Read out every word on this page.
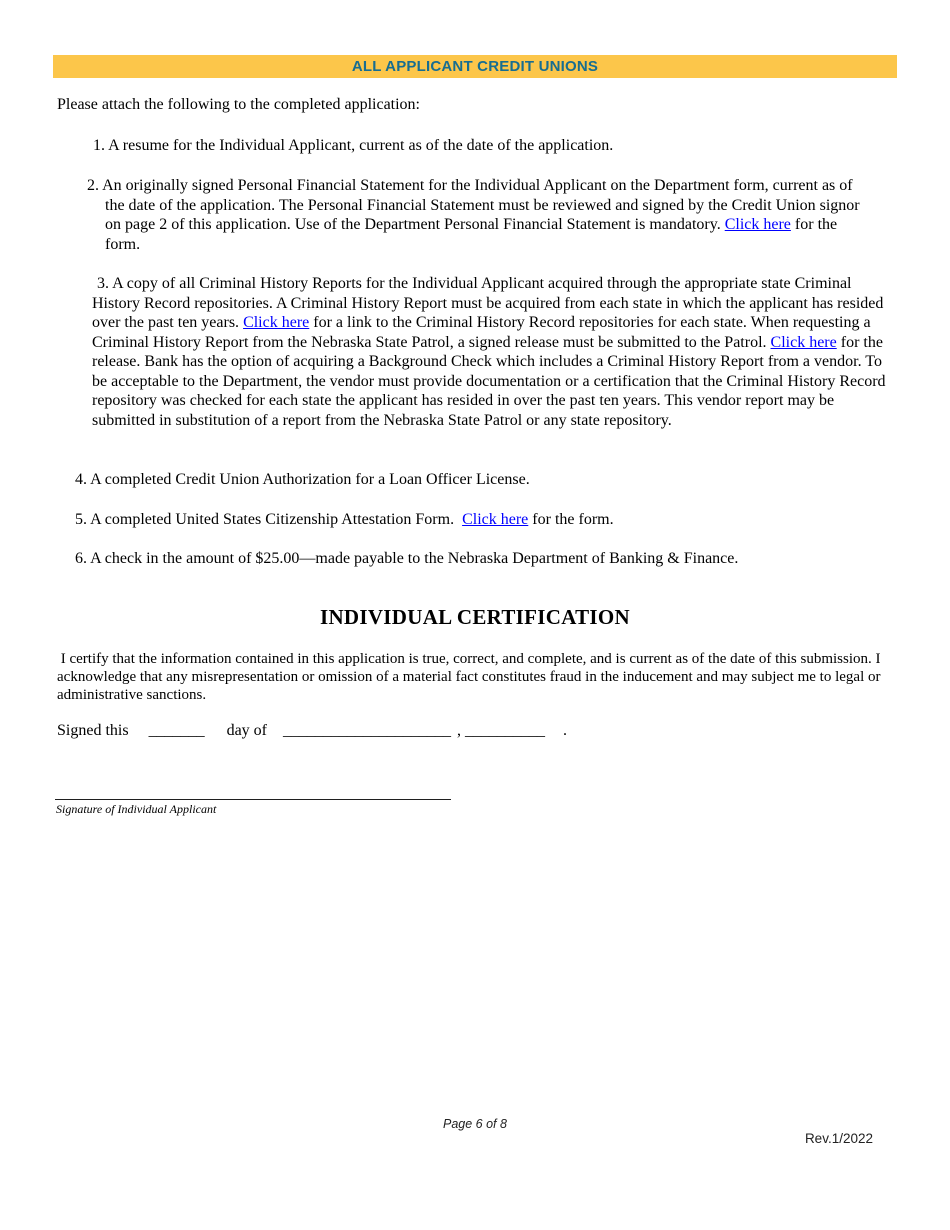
ALL APPLICANT CREDIT UNIONS

Please attach the following to the completed application:

1. A resume for the Individual Applicant, current as of the date of the application.

2. An originally signed Personal Financial Statement for the Individual Applicant on the Department form, current as of the date of the application. The Personal Financial Statement must be reviewed and signed by the Credit Union signor on page 2 of this application. Use of the Department Personal Financial Statement is mandatory. Click here for the form.

3. A copy of all Criminal History Reports for the Individual Applicant acquired through the appropriate state Criminal History Record repositories. A Criminal History Report must be acquired from each state in which the applicant has resided over the past ten years. Click here for a link to the Criminal History Record repositories for each state. When requesting a Criminal History Report from the Nebraska State Patrol, a signed release must be submitted to the Patrol. Click here for the release. Bank has the option of acquiring a Background Check which includes a Criminal History Report from a vendor. To be acceptable to the Department, the vendor must provide documentation or a certification that the Criminal History Record repository was checked for each state the applicant has resided in over the past ten years. This vendor report may be submitted in substitution of a report from the Nebraska State Patrol or any state repository.

4. A completed Credit Union Authorization for a Loan Officer License.

5. A completed United States Citizenship Attestation Form.  Click here for the form.

6. A check in the amount of $25.00—made payable to the Nebraska Department of Banking & Finance.

INDIVIDUAL CERTIFICATION

I certify that the information contained in this application is true, correct, and complete, and is current as of the date of this submission. I acknowledge that any misrepresentation or omission of a material fact constitutes fraud in the inducement and may subject me to legal or administrative sanctions.

Signed this _______ day of _____________________ , __________ .

Signature of Individual Applicant

Page 6 of 8

Rev.1/2022
